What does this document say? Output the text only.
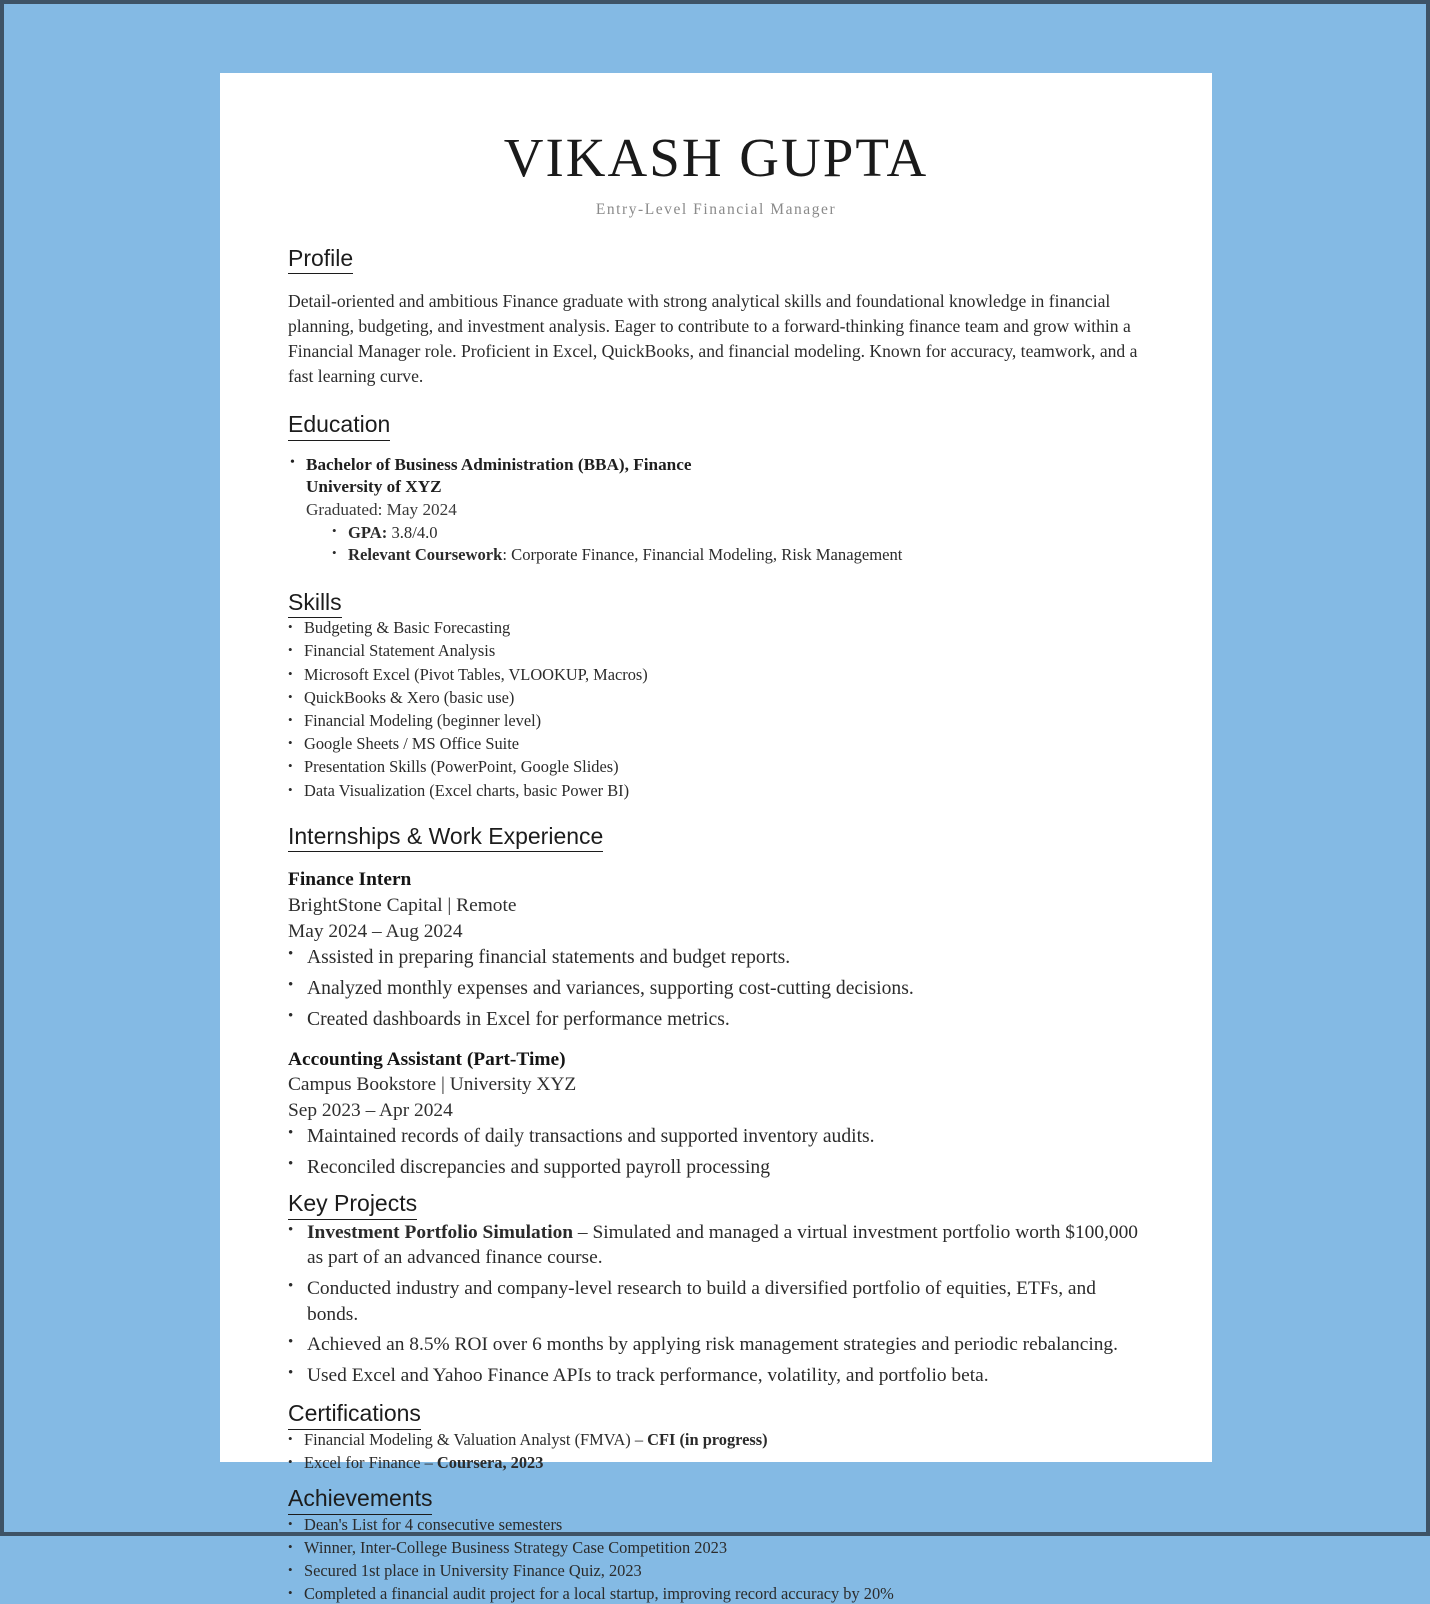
VIKASH GUPTA
Entry-Level Financial Manager
Profile

Detail-oriented and ambitious Finance graduate with strong analytical skills and foundational knowledge in financial planning, budgeting, and investment analysis. Eager to contribute to a forward-thinking finance team and grow within a Financial Manager role. Proficient in Excel, QuickBooks, and financial modeling. Known for accuracy, teamwork, and a fast learning curve.

Education
• Bachelor of Business Administration (BBA), Finance
University of XYZ
Graduated: May 2024
• GPA: 3.8/4.0
• Relevant Coursework: Corporate Finance, Financial Modeling, Risk Management
Skills
• Budgeting & Basic Forecasting
• Financial Statement Analysis
• Microsoft Excel (Pivot Tables, VLOOKUP, Macros)
• QuickBooks & Xero (basic use)
• Financial Modeling (beginner level)
• Google Sheets / MS Office Suite
• Presentation Skills (PowerPoint, Google Slides)
• Data Visualization (Excel charts, basic Power BI)
Internships & Work Experience
Finance Intern
BrightStone Capital | Remote
May 2024 – Aug 2024
• Assisted in preparing financial statements and budget reports.
• Analyzed monthly expenses and variances, supporting cost-cutting decisions.
• Created dashboards in Excel for performance metrics.
Accounting Assistant (Part-Time)
Campus Bookstore | University XYZ
Sep 2023 – Apr 2024
• Maintained records of daily transactions and supported inventory audits.
• Reconciled discrepancies and supported payroll processing
Key Projects
• Investment Portfolio Simulation – Simulated and managed a virtual investment portfolio worth $100,000 as part of an advanced finance course.
• Conducted industry and company-level research to build a diversified portfolio of equities, ETFs, and bonds.
• Achieved an 8.5% ROI over 6 months by applying risk management strategies and periodic rebalancing.
• Used Excel and Yahoo Finance APIs to track performance, volatility, and portfolio beta.
Certifications
• Financial Modeling & Valuation Analyst (FMVA) – CFI (in progress)
• Excel for Finance – Coursera, 2023
Achievements
• Dean's List for 4 consecutive semesters
• Winner, Inter-College Business Strategy Case Competition 2023
• Secured 1st place in University Finance Quiz, 2023
• Completed a financial audit project for a local startup, improving record accuracy by 20%
